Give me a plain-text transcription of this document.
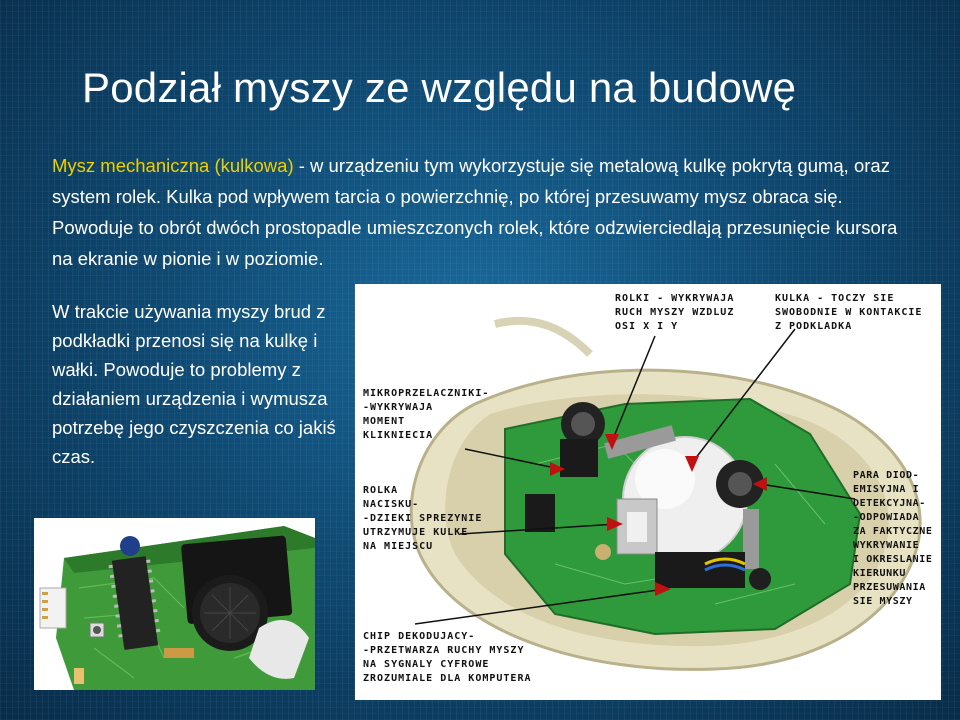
Podział myszy ze względu na budowę
Mysz mechaniczna (kulkowa) - w urządzeniu tym wykorzystuje się metalową kulkę pokrytą gumą, oraz system rolek. Kulka pod wpływem tarcia o powierzchnię, po której przesuwamy mysz obraca się. Powoduje to obrót dwóch prostopadle umieszczonych rolek, które odzwierciedlają przesunięcie kursora na ekranie w pionie i w poziomie.
W trakcie używania myszy brud z podkładki przenosi się na kulkę i wałki. Powoduje to problemy z działaniem urządzenia i wymusza potrzebę jego czyszczenia co jakiś czas.
ROLKI - WYKRYWAJA
RUCH MYSZY WZDLUZ
OSI X I Y
KULKA - TOCZY SIE
SWOBODNIE W KONTAKCIE
Z PODKLADKA
MIKROPRZELACZNIKI-
-WYKRYWAJA
MOMENT
KLIKNIECIA
ROLKA
NACISKU-
-DZIEKI SPREZYNIE
UTRZYMUJE KULKE
NA MIEJSCU
PARA DIOD-
EMISYJNA I
DETEKCYJNA-
-ODPOWIADA
ZA FAKTYCZNE
WYKRYWANIE
I OKRESLANIE
KIERUNKU
PRZESUWANIA
SIE MYSZY
CHIP DEKODUJACY-
-PRZETWARZA RUCHY MYSZY
NA SYGNALY CYFROWE
ZROZUMIALE DLA KOMPUTERA
